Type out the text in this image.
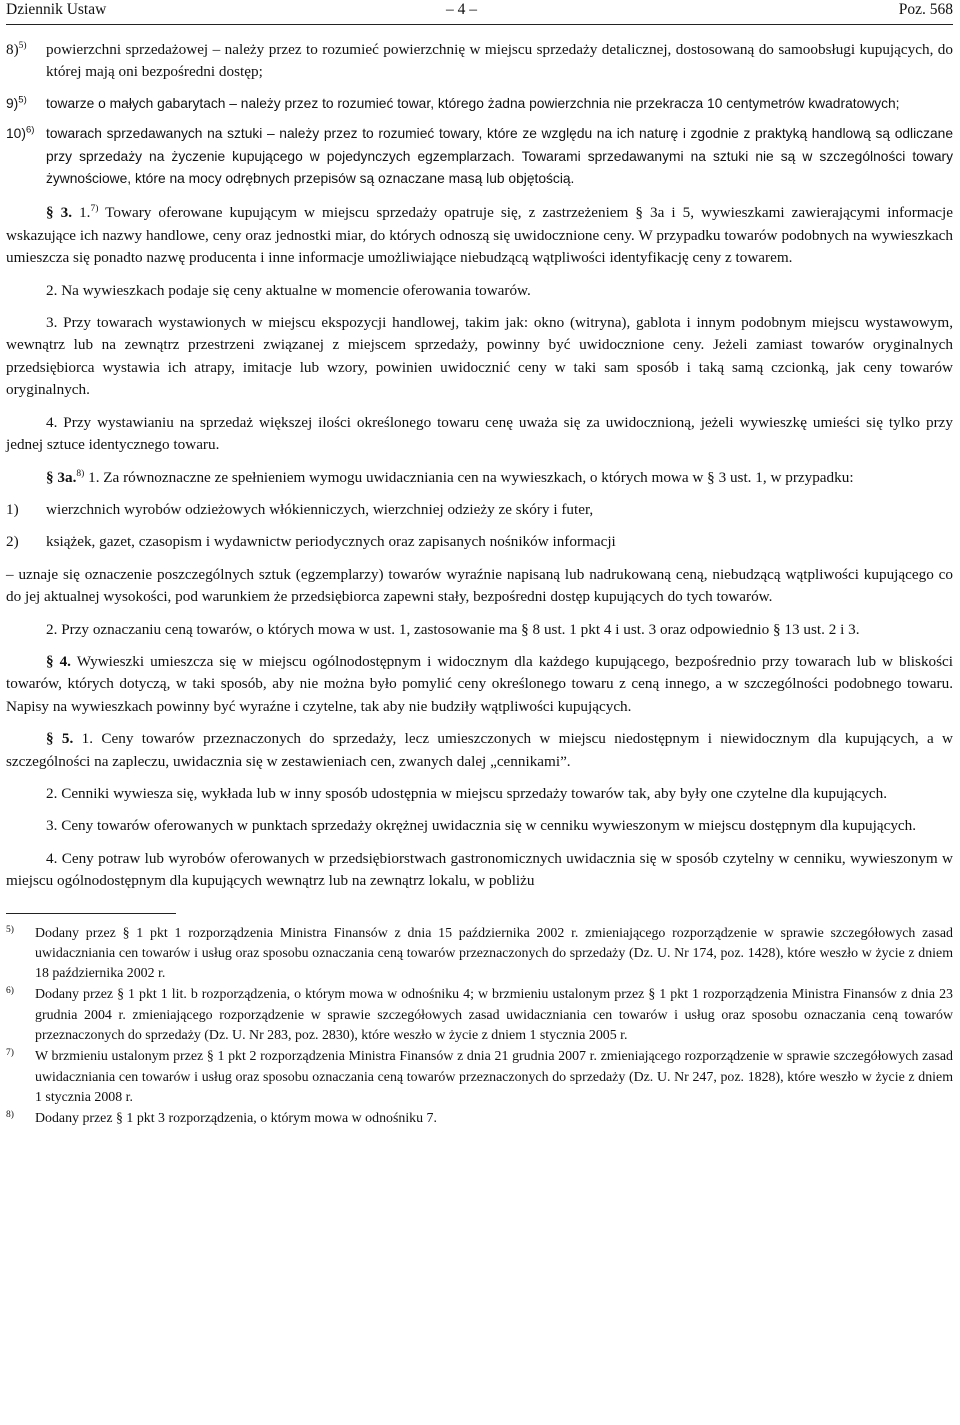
Dziennik Ustaw	– 4 –	Poz. 568

8)$^{5)}$ powierzchni sprzedażowej – należy przez to rozumieć powierzchnię w miejscu sprzedaży detalicznej, dostosowaną do samoobsługi kupujących, do której mają oni bezpośredni dostęp;

9)$^{5)}$ towarze o małych gabarytach – należy przez to rozumieć towar, którego żadna powierzchnia nie przekracza 10 centymetrów kwadratowych;

10)$^{6)}$ towarach sprzedawanych na sztuki – należy przez to rozumieć towary, które ze względu na ich naturę i zgodnie z praktyką handlową są odliczane przy sprzedaży na życzenie kupującego w pojedynczych egzemplarzach. Towarami sprzedawanymi na sztuki nie są w szczególności towary żywnościowe, które na mocy odrębnych przepisów są oznaczane masą lub objętością.

§ 3. 1.$^{7)}$ Towary oferowane kupującym w miejscu sprzedaży opatruje się, z zastrzeżeniem § 3a i 5, wywieszkami zawierającymi informacje wskazujące ich nazwy handlowe, ceny oraz jednostki miar, do których odnoszą się uwidocznione ceny. W przypadku towarów podobnych na wywieszkach umieszcza się ponadto nazwę producenta i inne informacje umożliwiające niebudzącą wątpliwości identyfikację ceny z towarem.

2. Na wywieszkach podaje się ceny aktualne w momencie oferowania towarów.

3. Przy towarach wystawionych w miejscu ekspozycji handlowej, takim jak: okno (witryna), gablota i innym podobnym miejscu wystawowym, wewnątrz lub na zewnątrz przestrzeni związanej z miejscem sprzedaży, powinny być uwidocznione ceny. Jeżeli zamiast towarów oryginalnych przedsiębiorca wystawia ich atrapy, imitacje lub wzory, powinien uwidocznić ceny w taki sam sposób i taką samą czcionką, jak ceny towarów oryginalnych.

4. Przy wystawianiu na sprzedaż większej ilości określonego towaru cenę uważa się za uwidocznioną, jeżeli wywieszkę umieści się tylko przy jednej sztuce identycznego towaru.

§ 3a.$^{8)}$ 1. Za równoznaczne ze spełnieniem wymogu uwidaczniania cen na wywieszkach, o których mowa w § 3 ust. 1, w przypadku:

1) wierzchnich wyrobów odzieżowych włókienniczych, wierzchniej odzieży ze skóry i futer,

2) książek, gazet, czasopism i wydawnictw periodycznych oraz zapisanych nośników informacji

– uznaje się oznaczenie poszczególnych sztuk (egzemplarzy) towarów wyraźnie napisaną lub nadrukowaną ceną, niebudzącą wątpliwości kupującego co do jej aktualnej wysokości, pod warunkiem że przedsiębiorca zapewni stały, bezpośredni dostęp kupujących do tych towarów.

2. Przy oznaczaniu ceną towarów, o których mowa w ust. 1, zastosowanie ma § 8 ust. 1 pkt 4 i ust. 3 oraz odpowiednio § 13 ust. 2 i 3.

§ 4. Wywieszki umieszcza się w miejscu ogólnodostępnym i widocznym dla każdego kupującego, bezpośrednio przy towarach lub w bliskości towarów, których dotyczą, w taki sposób, aby nie można było pomylić ceny określonego towaru z ceną innego, a w szczególności podobnego towaru. Napisy na wywieszkach powinny być wyraźne i czytelne, tak aby nie budziły wątpliwości kupujących.

§ 5. 1. Ceny towarów przeznaczonych do sprzedaży, lecz umieszczonych w miejscu niedostępnym i niewidocznym dla kupujących, a w szczególności na zapleczu, uwidacznia się w zestawieniach cen, zwanych dalej „cennikami”.

2. Cenniki wywiesza się, wykłada lub w inny sposób udostępnia w miejscu sprzedaży towarów tak, aby były one czytelne dla kupujących.

3. Ceny towarów oferowanych w punktach sprzedaży okrężnej uwidacznia się w cenniku wywieszonym w miejscu dostępnym dla kupujących.

4. Ceny potraw lub wyrobów oferowanych w przedsiębiorstwach gastronomicznych uwidacznia się w sposób czytelny w cenniku, wywieszonym w miejscu ogólnodostępnym dla kupujących wewnątrz lub na zewnątrz lokalu, w pobliżu

5) Dodany przez § 1 pkt 1 rozporządzenia Ministra Finansów z dnia 15 października 2002 r. zmieniającego rozporządzenie w sprawie szczegółowych zasad uwidaczniania cen towarów i usług oraz sposobu oznaczania ceną towarów przeznaczonych do sprzedaży (Dz. U. Nr 174, poz. 1428), które weszło w życie z dniem 18 października 2002 r.

6) Dodany przez § 1 pkt 1 lit. b rozporządzenia, o którym mowa w odnośniku 4; w brzmieniu ustalonym przez § 1 pkt 1 rozporządzenia Ministra Finansów z dnia 23 grudnia 2004 r. zmieniającego rozporządzenie w sprawie szczegółowych zasad uwidaczniania cen towarów i usług oraz sposobu oznaczania ceną towarów przeznaczonych do sprzedaży (Dz. U. Nr 283, poz. 2830), które weszło w życie z dniem 1 stycznia 2005 r.

7) W brzmieniu ustalonym przez § 1 pkt 2 rozporządzenia Ministra Finansów z dnia 21 grudnia 2007 r. zmieniającego rozporządzenie w sprawie szczegółowych zasad uwidaczniania cen towarów i usług oraz sposobu oznaczania ceną towarów przeznaczonych do sprzedaży (Dz. U. Nr 247, poz. 1828), które weszło w życie z dniem 1 stycznia 2008 r.

8) Dodany przez § 1 pkt 3 rozporządzenia, o którym mowa w odnośniku 7.
